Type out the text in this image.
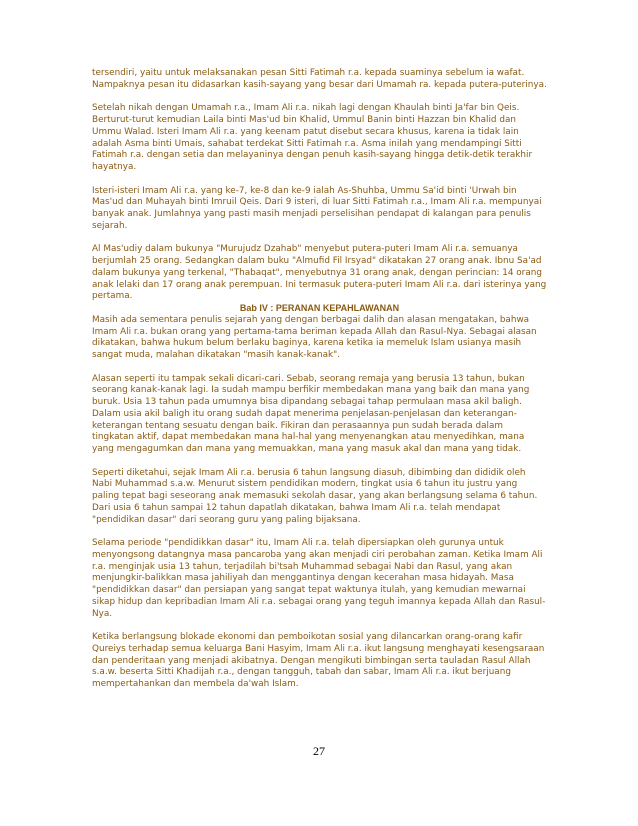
tersendiri, yaitu untuk melaksanakan pesan Sitti Fatimah r.a. kepada suaminya sebelum ia wafat. Nampaknya pesan itu didasarkan kasih-sayang yang besar dari Umamah ra. kepada putera-puterinya.

Setelah nikah dengan Umamah r.a., Imam Ali r.a. nikah lagi dengan Khaulah binti Ja'far bin Qeis. Berturut-turut kemudian Laila binti Mas'ud bin Khalid, Ummul Banin binti Hazzan bin Khalid dan Ummu Walad. Isteri Imam Ali r.a. yang keenam patut disebut secara khusus, karena ia tidak lain adalah Asma binti Umais, sahabat terdekat Sitti Fatimah r.a. Asma inilah yang mendampingi Sitti Fatimah r.a. dengan setia dan melayaninya dengan penuh kasih-sayang hingga detik-detik terakhir hayatnya.

Isteri-isteri Imam Ali r.a. yang ke-7, ke-8 dan ke-9 ialah As-Shuhba, Ummu Sa'id binti 'Urwah bin Mas'ud dan Muhayah binti Imruil Qeis. Dari 9 isteri, di luar Sitti Fatimah r.a., Imam Ali r.a. mempunyai banyak anak. Jumlahnya yang pasti masih menjadi perselisihan pendapat di kalangan para penulis sejarah.

Al Mas'udiy dalam bukunya "Murujudz Dzahab" menyebut putera-puteri Imam Ali r.a. semuanya berjumlah 25 orang. Sedangkan dalam buku "Almufid Fil Irsyad" dikatakan 27 orang anak. Ibnu Sa'ad dalam bukunya yang terkenal, "Thabaqat", menyebutnya 31 orang anak, dengan perincian: 14 orang anak lelaki dan 17 orang anak perempuan. Ini termasuk putera-puteri Imam Ali r.a. dari isterinya yang pertama.

Bab IV : PERANAN KEPAHLAWANAN

Masih ada sementara penulis sejarah yang dengan berbagai dalih dan alasan mengatakan, bahwa Imam Ali r.a. bukan orang yang pertama-tama beriman kepada Allah dan Rasul-Nya. Sebagai alasan dikatakan, bahwa hukum belum berlaku baginya, karena ketika ia memeluk Islam usianya masih sangat muda, malahan dikatakan "masih kanak-kanak".

Alasan seperti itu tampak sekali dicari-cari. Sebab, seorang remaja yang berusia 13 tahun, bukan seorang kanak-kanak lagi. Ia sudah mampu berfikir membedakan mana yang baik dan mana yang buruk. Usia 13 tahun pada umumnya bisa dipandang sebagai tahap permulaan masa akil baligh. Dalam usia akil baligh itu orang sudah dapat menerima penjelasan-penjelasan dan keterangan-keterangan tentang sesuatu dengan baik. Fikiran dan perasaannya pun sudah berada dalam tingkatan aktif, dapat membedakan mana hal-hal yang menyenangkan atau menyedihkan, mana yang mengagumkan dan mana yang memuakkan, mana yang masuk akal dan mana yang tidak.

Seperti diketahui, sejak Imam Ali r.a. berusia 6 tahun langsung diasuh, dibimbing dan dididik oleh Nabi Muhammad s.a.w. Menurut sistem pendidikan modern, tingkat usia 6 tahun itu justru yang paling tepat bagi seseorang anak memasuki sekolah dasar, yang akan berlangsung selama 6 tahun. Dari usia 6 tahun sampai 12 tahun dapatlah dikatakan, bahwa Imam Ali r.a. telah mendapat "pendidikan dasar" dari seorang guru yang paling bijaksana.

Selama periode "pendidikkan dasar" itu, Imam Ali r.a. telah dipersiapkan oleh gurunya untuk menyongsong datangnya masa pancaroba yang akan menjadi ciri perobahan zaman. Ketika Imam Ali r.a. menginjak usia 13 tahun, terjadilah bi'tsah Muhammad sebagai Nabi dan Rasul, yang akan menjungkir-balikkan masa jahiliyah dan menggantinya dengan kecerahan masa hidayah. Masa "pendidikkan dasar" dan persiapan yang sangat tepat waktunya itulah, yang kemudian mewarnai sikap hidup dan kepribadian Imam Ali r.a. sebagai orang yang teguh imannya kepada Allah dan Rasul-Nya.

Ketika berlangsung blokade ekonomi dan pemboikotan sosial yang dilancarkan orang-orang kafir Qureiys terhadap semua keluarga Bani Hasyim, Imam Ali r.a. ikut langsung menghayati kesengsaraan dan penderitaan yang menjadi akibatnya. Dengan mengikuti bimbingan serta tauladan Rasul Allah s.a.w. beserta Sitti Khadijah r.a., dengan tangguh, tabah dan sabar, Imam Ali r.a. ikut berjuang mempertahankan dan membela da'wah Islam.

27
